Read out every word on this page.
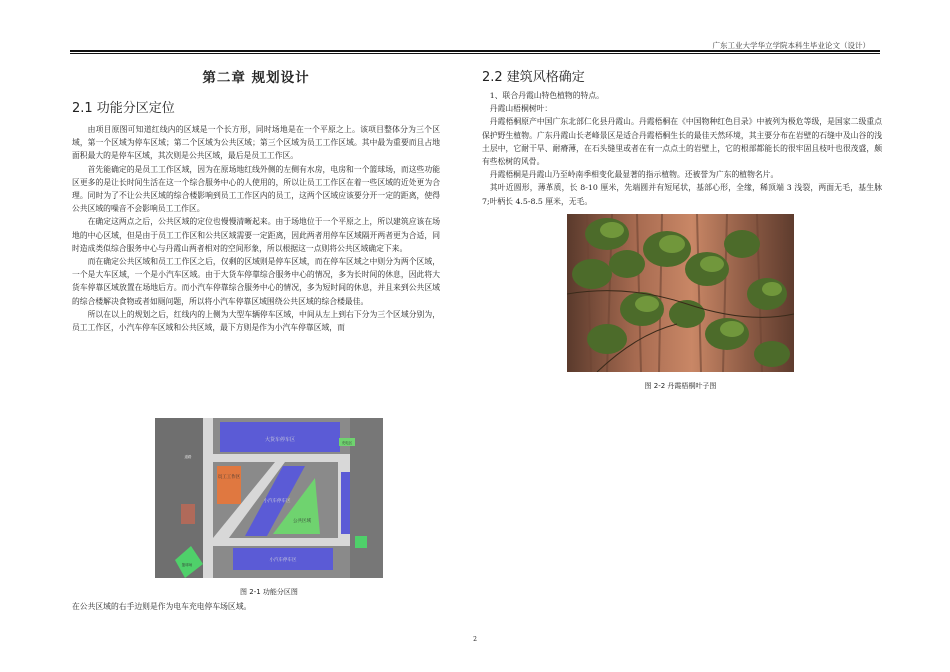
广东工业大学华立学院本科生毕业论文（设计）
第二章 规划设计
2.1 功能分区定位

由项目原图可知道红线内的区域是一个长方形，同时场地是在一个平原之上。该项目整体分为三个区域，第一个区域为停车区域；第二个区域为公共区域；第三个区域为员工工作区域。其中最为重要而且占地面积最大的是停车区域，其次则是公共区域，最后是员工工作区。

首先能确定的是员工工作区域，因为在原场地红线外侧的左侧有水房，电房和一个篮球场，而这些功能区更多的是让长时间生活在这一个综合服务中心的人使用的，所以让员工工作区在着一些区域的近处更为合理。同时为了不让公共区域的综合楼影响到员工工作区内的员工，这两个区域应该要分开一定的距离，使得公共区域的噪音不会影响员工工作区。

在确定这两点之后，公共区域的定位也慢慢清晰起来。由于场地位于一个平原之上，所以建筑应该在场地的中心区域，但是由于员工工作区和公共区域需要一定距离，因此两者用停车区域隔开两者更为合适，同时造成类似综合服务中心与丹霞山两者相对的空间形象，所以根据这一点则将公共区域确定下来。

而在确定公共区域和员工工作区之后，仅剩的区域则是停车区域，而在停车区域之中则分为两个区域，一个是大车区域，一个是小汽车区域。由于大货车停靠综合服务中心的情况，多为长时间的休息，因此将大货车停靠区域放置在场地后方。而小汽车停靠综合服务中心的情况，多为短时间的休息，并且来到公共区域的综合楼解决食物或者如厕问题，所以将小汽车停靠区域围绕公共区域的综合楼最佳。

所以在以上的规划之后，红线内的上侧为大型车辆停车区域，中间从左上到右下分为三个区域分别为，员工工作区，小汽车停车区域和公共区域，最下方则是作为小汽车停靠区域，而

大货车停车区
员工工作区
小汽车停车区
公共区域
充电区
小汽车停车区
篮球场
道路
图 2-1 功能分区图
在公共区域的右手边则是作为电车充电停车场区域。
2.2 建筑风格确定

1、联合丹霞山特色植物的特点。

丹霞山梧桐树叶：

丹霞梧桐原产中国广东北部仁化县丹霞山。丹霞梧桐在《中国物种红色目录》中被列为极危等级，是国家二级重点保护野生植物。广东丹霞山长老峰景区是适合丹霞梧桐生长的最佳天然环境，其主要分布在岩壁的石缝中及山谷的浅土层中，它耐干旱、耐瘠薄，在石头缝里或者在有一点点土的岩壁上，它的根部都能长的很牢固且枝叶也很茂盛，颇有些松树的风骨。

丹霞梧桐是丹霞山乃至岭南季相变化最显著的指示植物。还被誉为广东的植物名片。

其叶近圆形，薄革质，长 8-10 厘米，先端圆并有短尾状，基部心形，全缘，稀顶端 3 浅裂，两面无毛，基生脉 7;叶柄长 4.5-8.5 厘米，无毛。

图 2-2 丹霞梧桐叶子图
2
